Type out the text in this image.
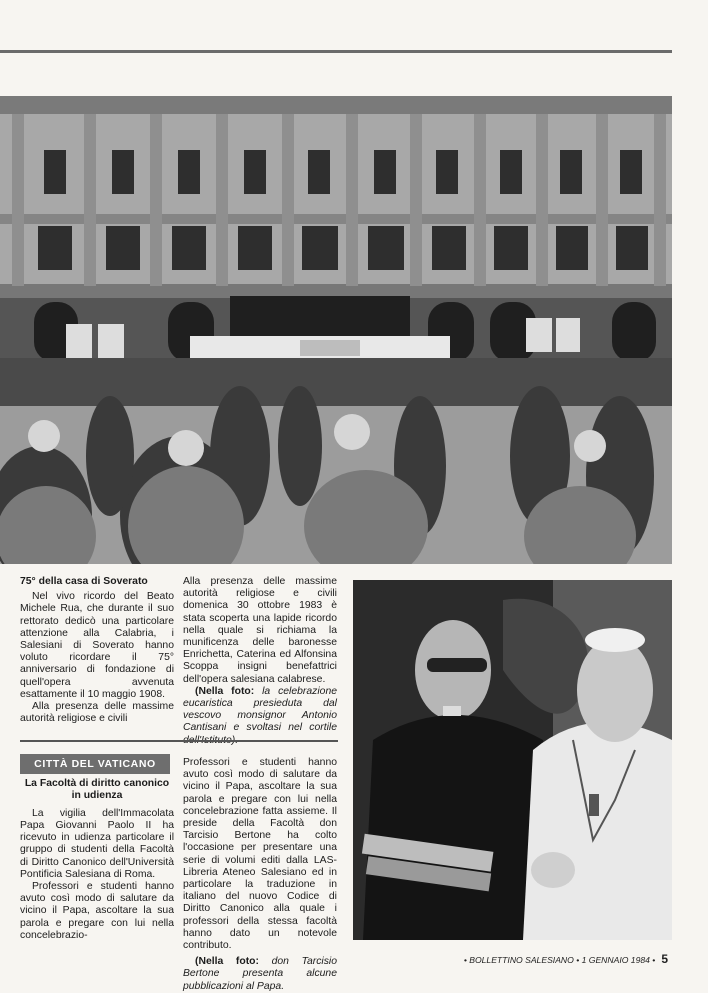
75° della casa di Soverato

Nel vivo ricordo del Beato Michele Rua, che durante il suo rettorato dedicò una particolare attenzione alla Calabria, i Salesiani di Soverato hanno voluto ricordare il 75° anniversario di fondazione di quell'opera avvenuta esattamente il 10 maggio 1908.

Alla presenza delle massime autorità religiose e civili

Alla presenza delle massime autorità religiose e civili domenica 30 ottobre 1983 è stata scoperta una lapide ricordo nella quale si richiama la munificenza delle baronesse Enrichetta, Caterina ed Alfonsina Scoppa insigni benefattrici dell'opera salesiana calabrese.

(Nella foto: la celebrazione eucaristica presieduta dal vescovo monsignor Antonio Cantisani e svoltasi nel cortile

CITTÀ DEL VATICANO
La Facoltà di diritto canonico in udienza

La vigilia dell'Immacolata Papa Giovanni Paolo II ha ricevuto in udienza particolare il gruppo di studenti della Facoltà di Diritto Canonico dell'Università Pontificia Salesiana di Roma.

Professori e studenti hanno avuto così modo di salutare da vicino il Papa, ascoltare la sua parola e pregare con lui nella concelebrazio-

Professori e studenti hanno avuto così modo di salutare da vicino il Papa, ascoltare la sua parola e pregare con lui nella concelebrazione fatta assieme. Il preside della Facoltà don Tarcisio Bertone ha colto l'occasione per presentare una serie di volumi editi dalla LAS-Libreria Ateneo Salesiano ed in particolare la traduzione in italiano del nuovo Codice di Diritto Canonico alla quale i professori della stessa facoltà hanno dato un notevole contributo.

(Nella foto: don Tarcisio Bertone presenta alcune pubblicazioni al Papa.

• BOLLETTINO SALESIANO • 1 GENNAIO 1984 • 5
